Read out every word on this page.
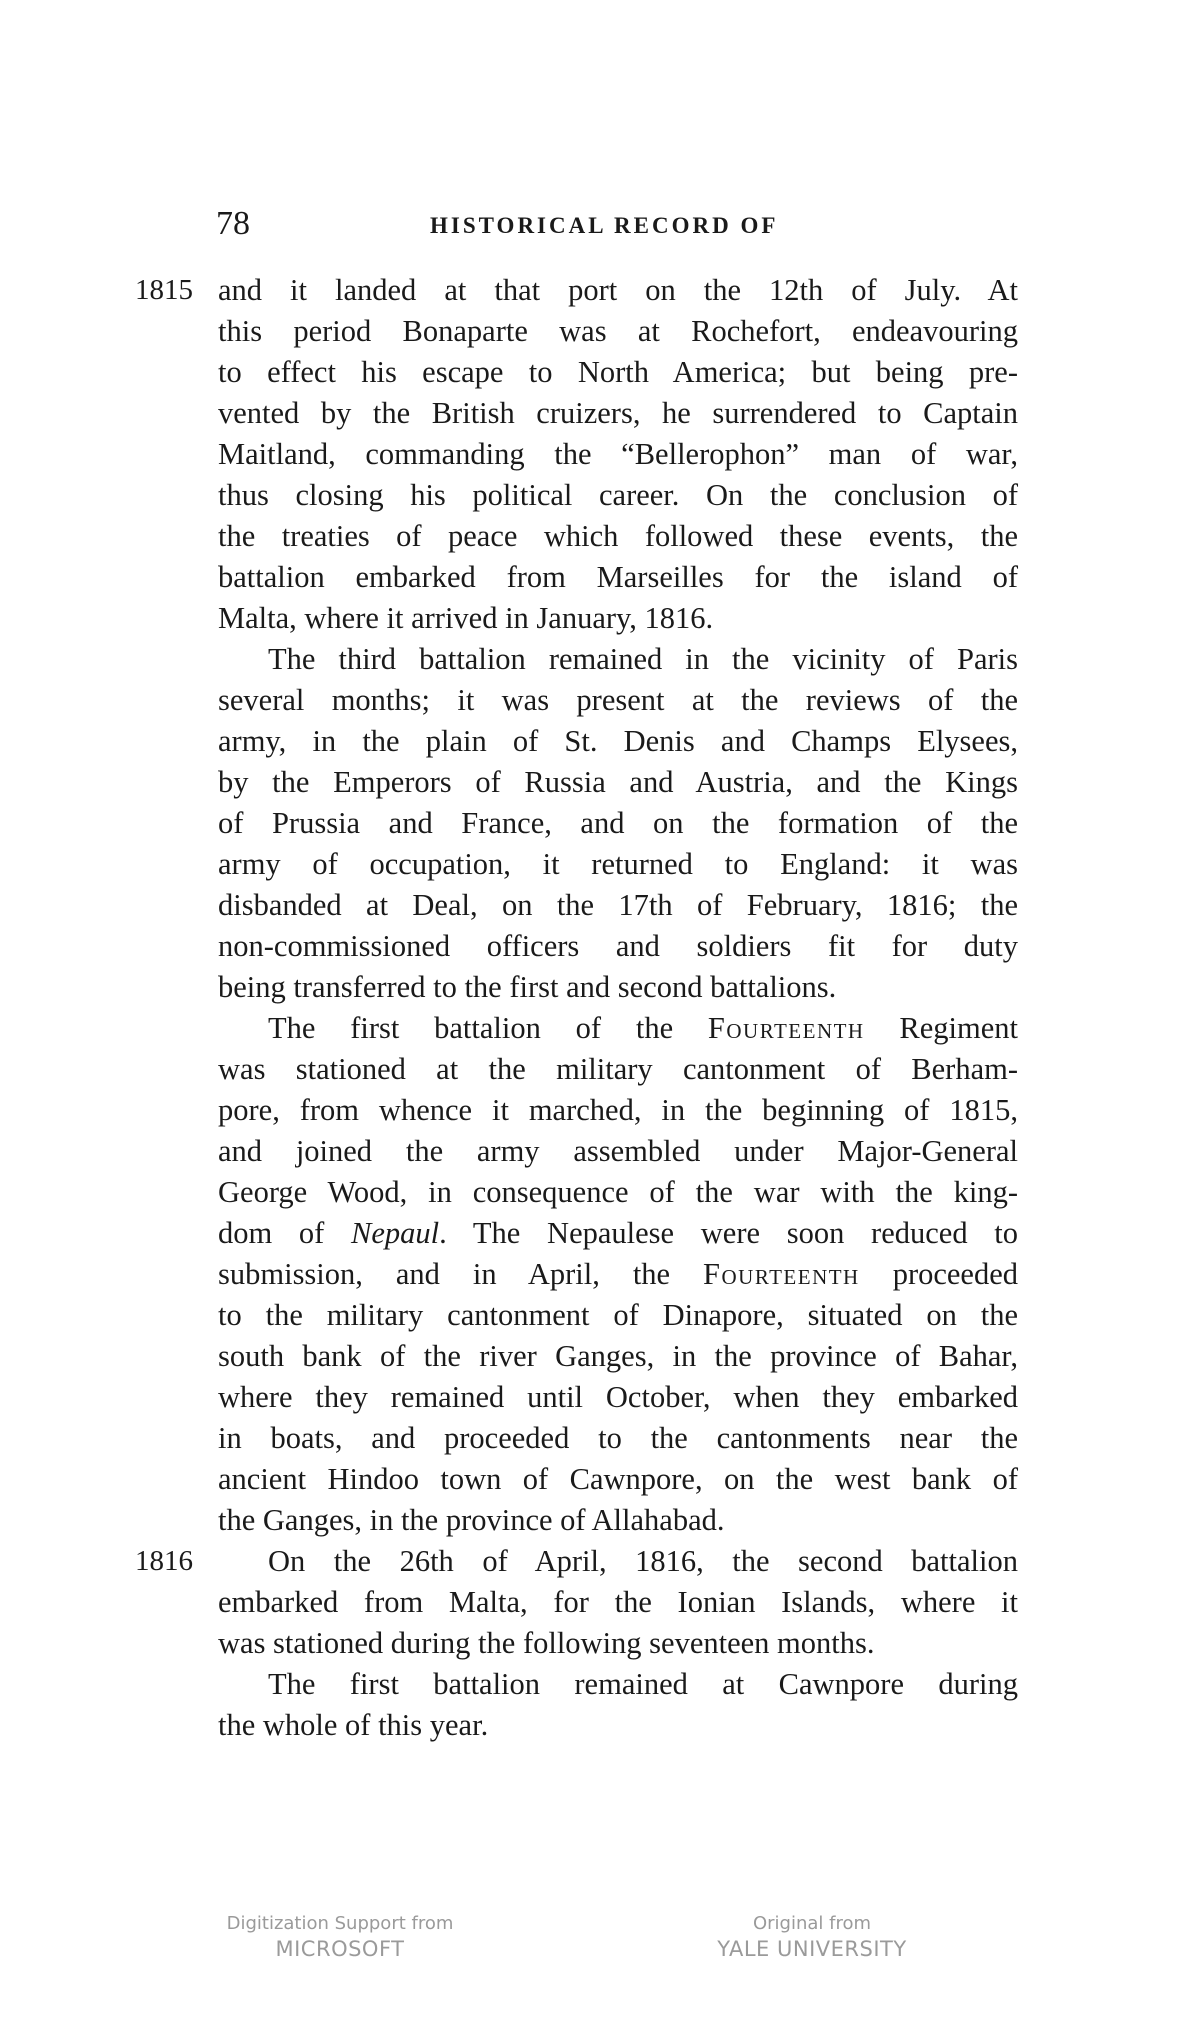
78	HISTORICAL RECORD OF
1815
1816
and it landed at that port on the 12th of July. At
this period Bonaparte was at Rochefort, endeavouring
to effect his escape to North America; but being pre-
vented by the British cruizers, he surrendered to Captain
Maitland, commanding the “Bellerophon” man of war,
thus closing his political career. On the conclusion of
the treaties of peace which followed these events, the
battalion embarked from Marseilles for the island of
Malta, where it arrived in January, 1816.
The third battalion remained in the vicinity of Paris
several months; it was present at the reviews of the
army, in the plain of St. Denis and Champs Elysees,
by the Emperors of Russia and Austria, and the Kings
of Prussia and France, and on the formation of the
army of occupation, it returned to England: it was
disbanded at Deal, on the 17th of February, 1816; the
non-commissioned officers and soldiers fit for duty
being transferred to the first and second battalions.
The first battalion of the Fourteenth Regiment
was stationed at the military cantonment of Berham-
pore, from whence it marched, in the beginning of 1815,
and joined the army assembled under Major-General
George Wood, in consequence of the war with the king-
dom of Nepaul. The Nepaulese were soon reduced to
submission, and in April, the Fourteenth proceeded
to the military cantonment of Dinapore, situated on the
south bank of the river Ganges, in the province of Bahar,
where they remained until October, when they embarked
in boats, and proceeded to the cantonments near the
ancient Hindoo town of Cawnpore, on the west bank of
the Ganges, in the province of Allahabad.
On the 26th of April, 1816, the second battalion
embarked from Malta, for the Ionian Islands, where it
was stationed during the following seventeen months.
The first battalion remained at Cawnpore during
the whole of this year.
Digitization Support from
MICROSOFT
Original from
YALE UNIVERSITY
